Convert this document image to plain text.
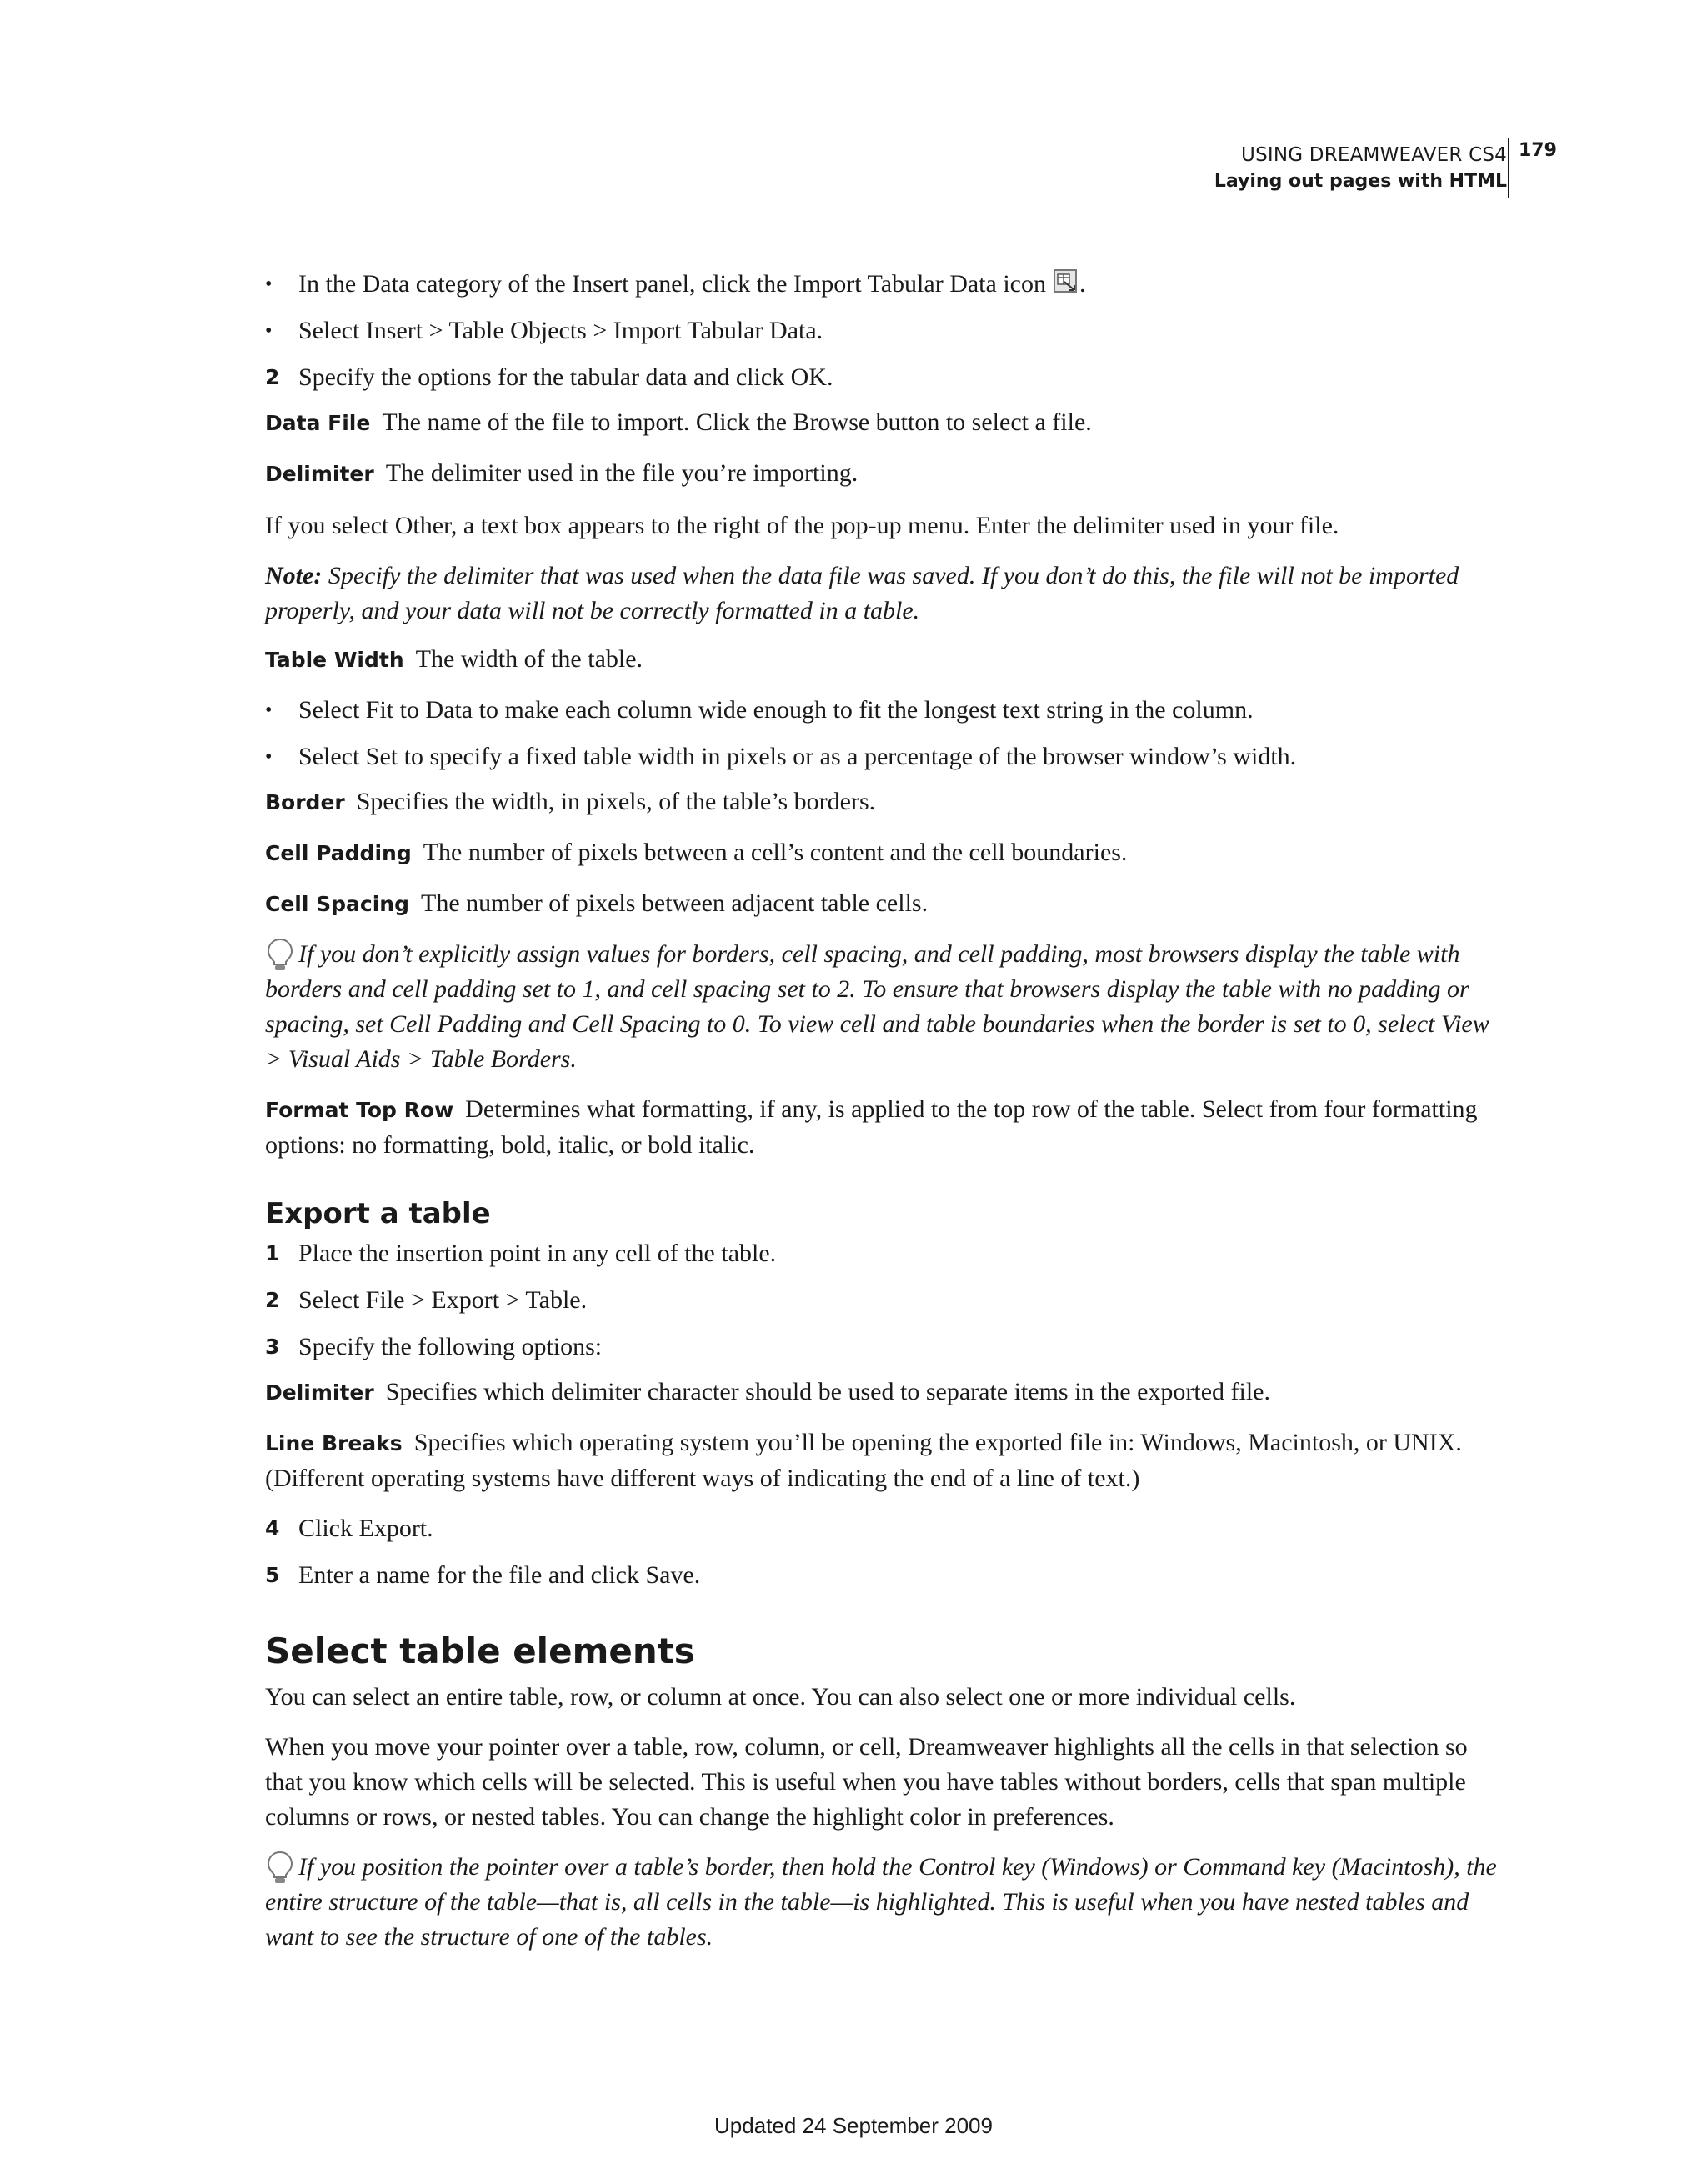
USING DREAMWEAVER CS4
Laying out pages with HTML
179
•	In the Data category of the Insert panel, click the Import Tabular Data icon .
•	Select Insert > Table Objects > Import Tabular Data.
2 Specify the options for the tabular data and click OK.

Data File The name of the file to import. Click the Browse button to select a file.

Delimiter The delimiter used in the file you’re importing.

If you select Other, a text box appears to the right of the pop-up menu. Enter the delimiter used in your file.

Note: Specify the delimiter that was used when the data file was saved. If you don’t do this, the file will not be imported properly, and your data will not be correctly formatted in a table.

Table Width The width of the table.

•	Select Fit to Data to make each column wide enough to fit the longest text string in the column.
•	Select Set to specify a fixed table width in pixels or as a percentage of the browser window’s width.

Border Specifies the width, in pixels, of the table’s borders.

Cell Padding The number of pixels between a cell’s content and the cell boundaries.

Cell Spacing The number of pixels between adjacent table cells.

If you don’t explicitly assign values for borders, cell spacing, and cell padding, most browsers display the table with borders and cell padding set to 1, and cell spacing set to 2. To ensure that browsers display the table with no padding or spacing, set Cell Padding and Cell Spacing to 0. To view cell and table boundaries when the border is set to 0, select View > Visual Aids > Table Borders.

Format Top Row Determines what formatting, if any, is applied to the top row of the table. Select from four formatting options: no formatting, bold, italic, or bold italic.

Export a table
1 Place the insertion point in any cell of the table.
2 Select File > Export > Table.
3 Specify the following options:

Delimiter Specifies which delimiter character should be used to separate items in the exported file.

Line Breaks Specifies which operating system you’ll be opening the exported file in: Windows, Macintosh, or UNIX. (Different operating systems have different ways of indicating the end of a line of text.)

4 Click Export.
5 Enter a name for the file and click Save.
Select table elements

You can select an entire table, row, or column at once. You can also select one or more individual cells.

When you move your pointer over a table, row, column, or cell, Dreamweaver highlights all the cells in that selection so that you know which cells will be selected. This is useful when you have tables without borders, cells that span multiple columns or rows, or nested tables. You can change the highlight color in preferences.

If you position the pointer over a table’s border, then hold the Control key (Windows) or Command key (Macintosh), the entire structure of the table—that is, all cells in the table—is highlighted. This is useful when you have nested tables and want to see the structure of one of the tables.

Updated 24 September 2009
